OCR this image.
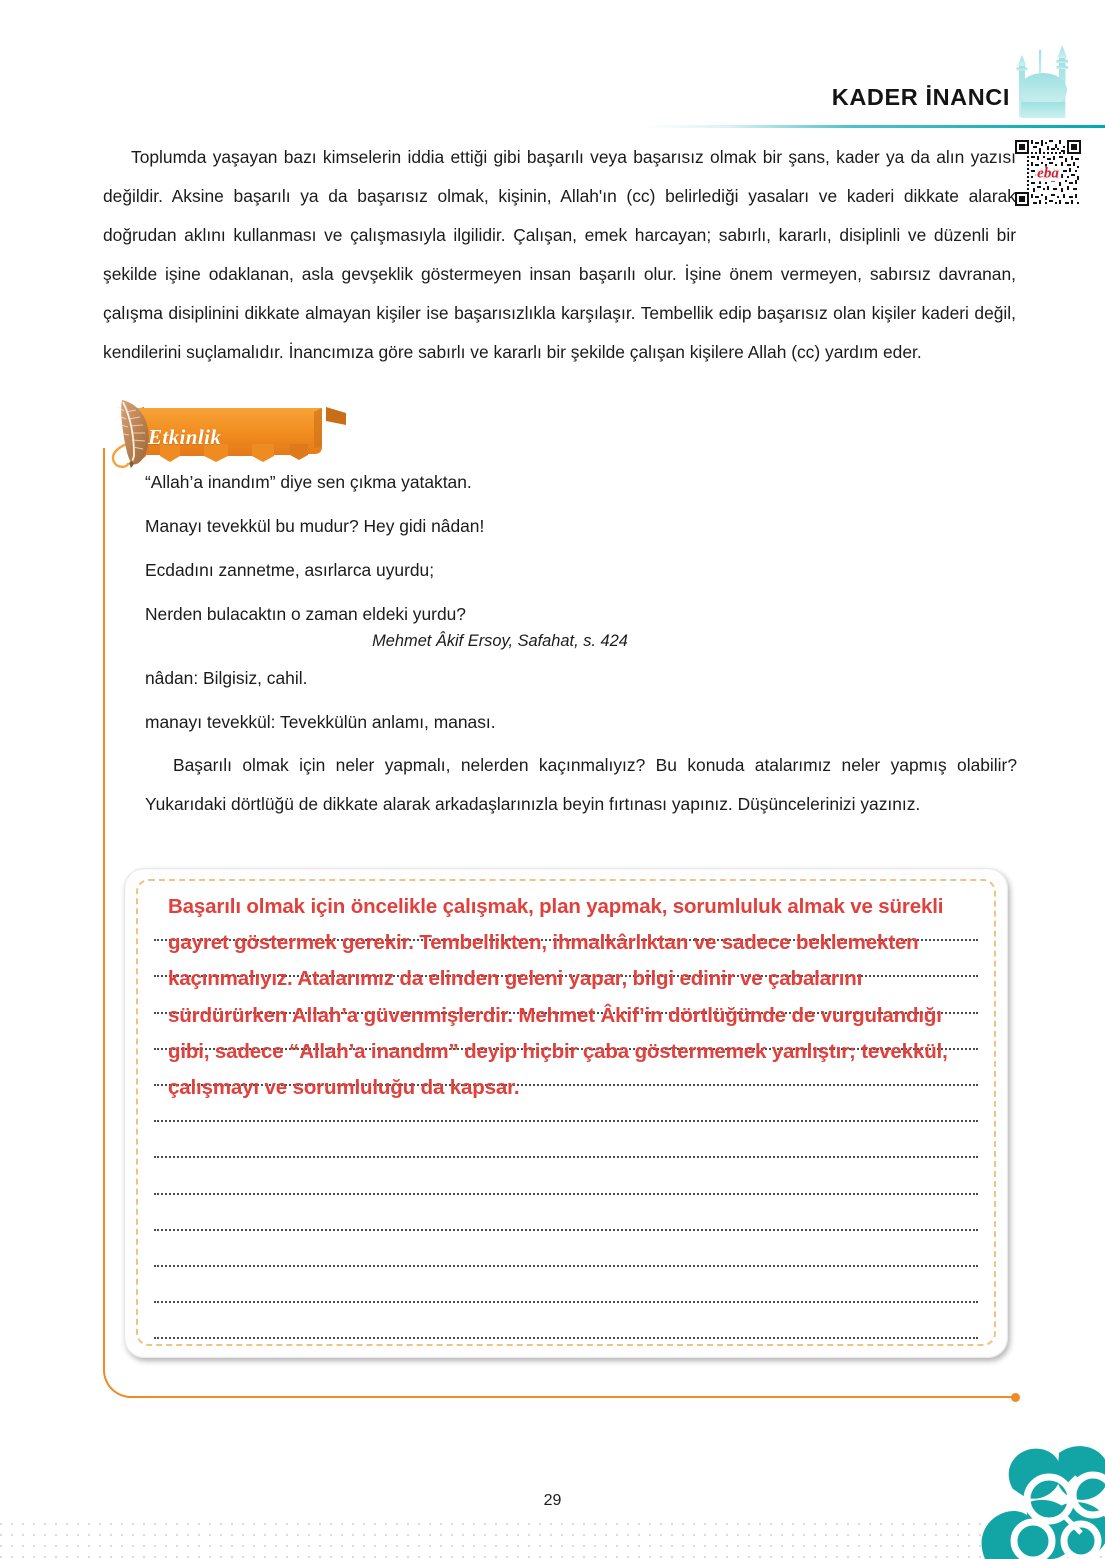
KADER İNANCI
eba

Toplumda yaşayan bazı kimselerin iddia ettiği gibi başarılı veya başarısız olmak bir şans, kader ya da alın yazısı değildir. Aksine başarılı ya da başarısız olmak, kişinin, Allah'ın (cc) belirlediği yasaları ve kaderi dikkate alarak doğrudan aklını kullanması ve çalışmasıyla ilgilidir. Çalışan, emek harcayan; sabırlı, kararlı, disiplinli ve düzenli bir şekilde işine odaklanan, asla gevşeklik göstermeyen insan başarılı olur. İşine önem vermeyen, sabırsız davranan, çalışma disiplinini dikkate almayan kişiler ise başarısızlıkla karşılaşır. Tembellik edip başarısız olan kişiler kaderi değil, kendilerini suçlamalıdır. İnancımıza göre sabırlı ve kararlı bir şekilde çalışan kişilere Allah (cc) yardım eder.

Etkinlik
“Allah’a inandım” diye sen çıkma yataktan.
Manayı tevekkül bu mudur? Hey gidi nâdan!
Ecdadını zannetme, asırlarca uyurdu;
Nerden bulacaktın o zaman eldeki yurdu?
Mehmet Âkif Ersoy, Safahat, s. 424
nâdan: Bilgisiz, cahil.
manayı tevekkül: Tevekkülün anlamı, manası.

Başarılı olmak için neler yapmalı, nelerden kaçınmalıyız? Bu konuda atalarımız neler yapmış olabilir? Yukarıdaki dörtlüğü de dikkate alarak arkadaşlarınızla beyin fırtınası yapınız. Düşüncelerinizi yazınız.

Başarılı olmak için öncelikle çalışmak, plan yapmak, sorumluluk almak ve sürekli gayret göstermek gerekir. Tembellikten, ihmalkârlıktan ve sadece beklemekten kaçınmalıyız. Atalarımız da elinden geleni yapar, bilgi edinir ve çabalarını sürdürürken Allah’a güvenmişlerdir. Mehmet Âkif’in dörtlüğünde de vurgulandığı gibi, sadece “Allah’a inandım” deyip hiçbir çaba göstermemek yanlıştır; tevekkül, çalışmayı ve sorumluluğu da kapsar.
29
